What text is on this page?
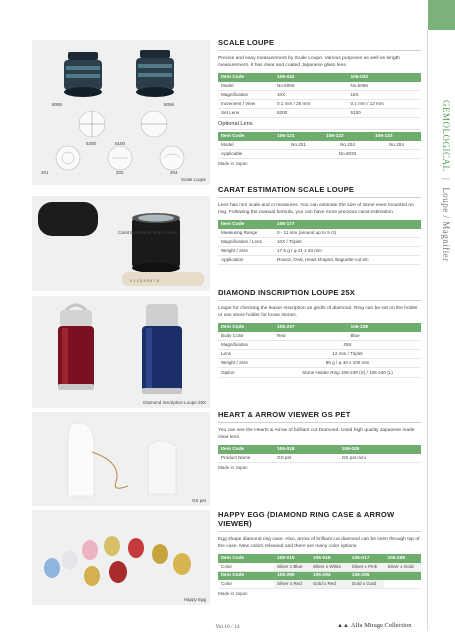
GEMOLOGICAL | Loupe / Magnifier
5055	5056
5200	5100
201	202	204
Scale Loupe
0 1 2 3 4 5 6 7 8
Carat Estimation Scale Loupe
Diamond Inscription Loupe 25X
GS pet
Happy Egg
SCALE LOUPE
Precise and easy measurement by Scale Loupe. Various purposes as well as length measurement. It has clear and coated Japanese glass lens.
Item Code	106-032	106-033
Model	No.5055	No.5056
Magnification	10X	15X
Increment / View	0.1 mm / 25 mm	0.1 mm / 12 mm
Set Lens	5200	5100
Optional Lens
Item Code	106-121	106-122	106-123
Model	No.201	No.202	No.204
Applicable	No.5033		
Made in Japan
CARAT ESTIMATION SCALE LOUPE
Lens has mm scale and ct measures. You can estimate the size of stone even mounted on ring. Following the manual formula, you can have more precious carat estimation.
Item Code	106-177
Measuring Range	0 - 11 mm (around up to 5 ct)
Magnification / Lens	10X / Triplet
Weight / Size	17.6 g / φ 21 x 33 mm
Application	Round, Oval, Heart shaped, Baguette-cut etc
DIAMOND INSCRIPTION LOUPE 25X
Loupe for checking the leaser inscription on girdle of diamond. Ring can be set on the holder or use stone holder for loose stones.
Item Code	106-237	106-238
Body Color	Red	Blue
Magnification	25X	
Lens	12 mm / Triplet	
Weight / Size	85 g / φ 40 x 100 mm	
Option	Stone Holder Ring 106-239 (S) / 106-240 (L)	
HEART & ARROW VIEWER GS PET
You can see the Hearts & Arrow of brilliant cut Diamond. Used high quality Japanese made clear lens.
Item Code	106-018	106-029
Product Name	GS pet	GS pet mini
Made in Japan
HAPPY EGG (DIAMOND RING CASE & ARROW VIEWER)
Egg shape diamond ring case. Also, arrow of brilliant cut diamond can be seen through top of the case. New colors released and there are many color options.
Item Code	106-015	106-016	106-017	106-289
Color	Silver x Blue	Silver x White	Silver x Pink	Silver x Gold
Item Code	106-290	106-294	106-295	
Color	Silver x Red	Gold x Red	Gold x Gold	
Made in Japan
Vol.10 / 14	▲▲ Alfa Mirage Collection
